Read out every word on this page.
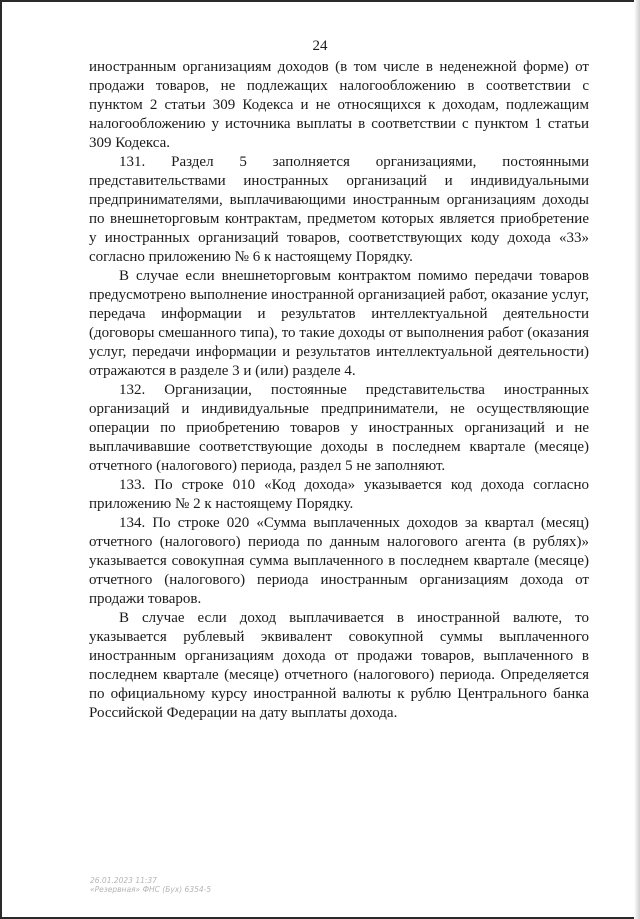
24

иностранным организациям доходов (в том числе в неденежной форме) от продажи товаров, не подлежащих налогообложению в соответствии с пунктом 2 статьи 309 Кодекса и не относящихся к доходам, подлежащим налогообложению у источника выплаты в соответствии с пунктом 1 статьи 309 Кодекса.

131. Раздел 5 заполняется организациями, постоянными представительствами иностранных организаций и индивидуальными предпринимателями, выплачивающими иностранным организациям доходы по внешнеторговым контрактам, предметом которых является приобретение у иностранных организаций товаров, соответствующих коду дохода «33» согласно приложению № 6 к настоящему Порядку.

В случае если внешнеторговым контрактом помимо передачи товаров предусмотрено выполнение иностранной организацией работ, оказание услуг, передача информации и результатов интеллектуальной деятельности (договоры смешанного типа), то такие доходы от выполнения работ (оказания услуг, передачи информации и результатов интеллектуальной деятельности) отражаются в разделе 3 и (или) разделе 4.

132. Организации, постоянные представительства иностранных организаций и индивидуальные предприниматели, не осуществляющие операции по приобретению товаров у иностранных организаций и не выплачивавшие соответствующие доходы в последнем квартале (месяце) отчетного (налогового) периода, раздел 5 не заполняют.

133. По строке 010 «Код дохода» указывается код дохода согласно приложению № 2 к настоящему Порядку.

134. По строке 020 «Сумма выплаченных доходов за квартал (месяц) отчетного (налогового) периода по данным налогового агента (в рублях)» указывается совокупная сумма выплаченного в последнем квартале (месяце) отчетного (налогового) периода иностранным организациям дохода от продажи товаров.

В случае если доход выплачивается в иностранной валюте, то указывается рублевый эквивалент совокупной суммы выплаченного иностранным организациям дохода от продажи товаров, выплаченного в последнем квартале (месяце) отчетного (налогового) периода. Определяется по официальному курсу иностранной валюты к рублю Центрального банка Российской Федерации на дату выплаты дохода.

26.01.2023 11:37
«Резервная» ФНС (Бух) 6354-5
